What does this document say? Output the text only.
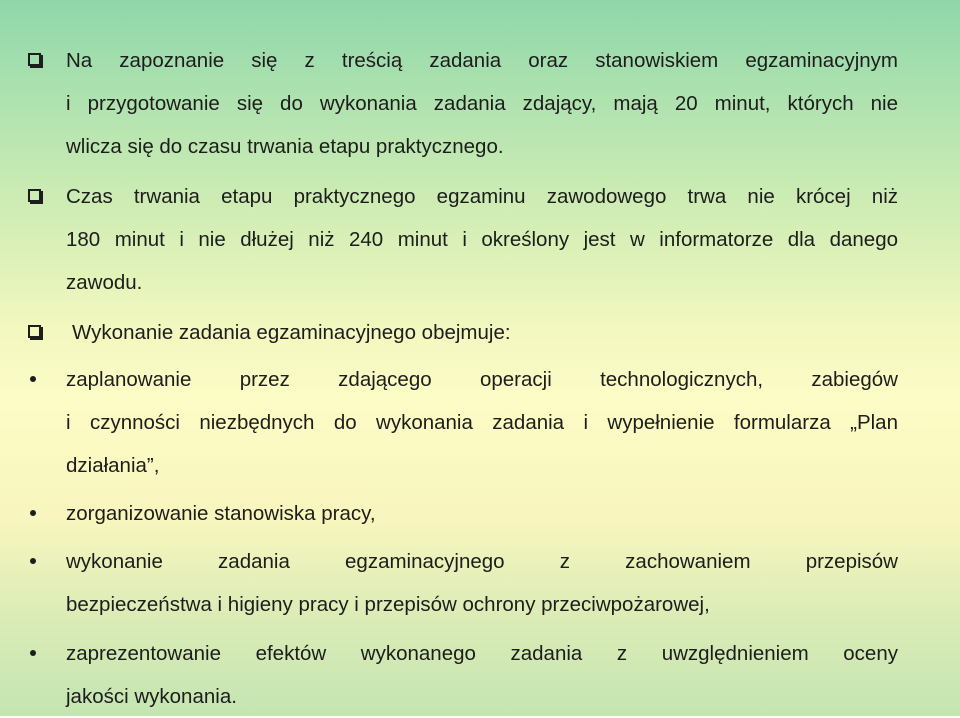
Na zapoznanie się z treścią zadania oraz stanowiskiem egzaminacyjnym
i przygotowanie się do wykonania zadania zdający, mają 20 minut, których nie
wlicza się do czasu trwania etapu praktycznego.
Czas trwania etapu praktycznego egzaminu zawodowego trwa nie krócej niż
180 minut i nie dłużej niż 240 minut i określony jest w informatorze dla danego
zawodu.
Wykonanie zadania egzaminacyjnego obejmuje:
zaplanowanie przez zdającego operacji technologicznych, zabiegów
i czynności niezbędnych do wykonania zadania i wypełnienie formularza „Plan
działania”,
zorganizowanie stanowiska pracy,
wykonanie zadania egzaminacyjnego z zachowaniem przepisów
bezpieczeństwa i higieny pracy i przepisów ochrony przeciwpożarowej,
zaprezentowanie efektów wykonanego zadania z uwzględnieniem oceny
jakości wykonania.
